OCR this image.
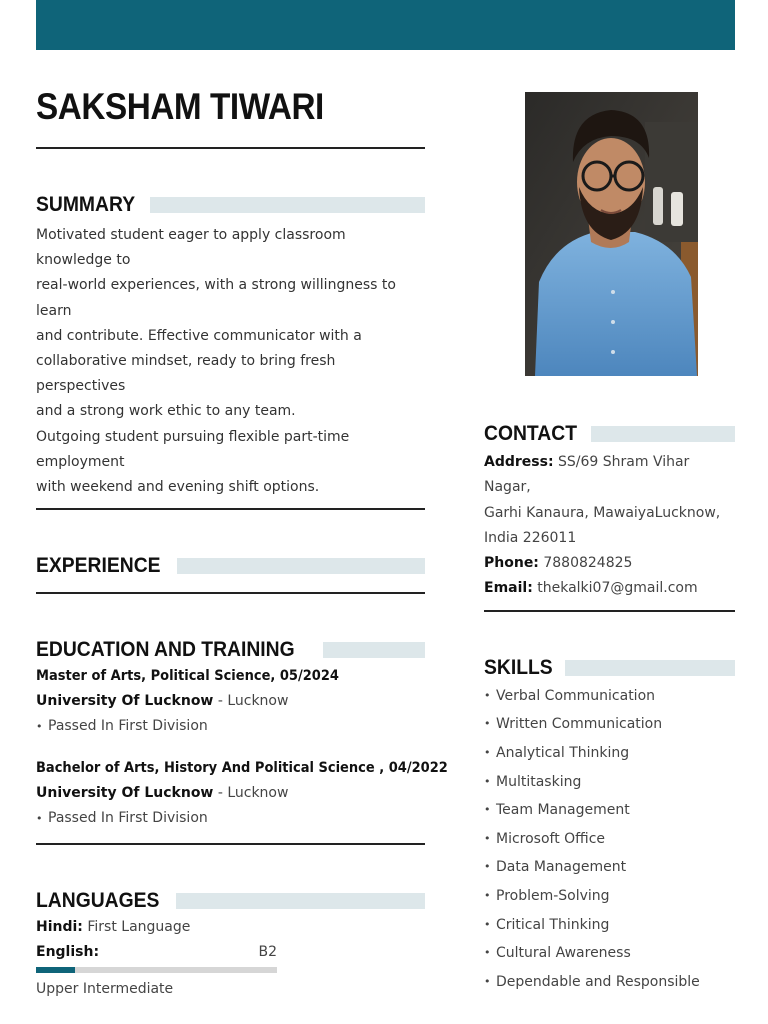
SAKSHAM TIWARI
SUMMARY
Motivated student eager to apply classroom knowledge to
real-world experiences, with a strong willingness to learn
and contribute. Effective communicator with a
collaborative mindset, ready to bring fresh perspectives
and a strong work ethic to any team.
Outgoing student pursuing flexible part-time employment
with weekend and evening shift options.
EXPERIENCE
EDUCATION AND TRAINING
Master of Arts, Political Science, 05/2024
University Of Lucknow - Lucknow
• Passed In First Division
Bachelor of Arts, History And Political Science , 04/2022
University Of Lucknow - Lucknow
• Passed In First Division
LANGUAGES
Hindi: First Language
English:	B2
Upper Intermediate
CONTACT
Address: SS/69 Shram Vihar Nagar,
Garhi Kanaura, MawaiyaLucknow,
India 226011
Phone: 7880824825
Email: thekalki07@gmail.com
SKILLS
• Verbal Communication
• Written Communication
• Analytical Thinking
• Multitasking
• Team Management
• Microsoft Office
• Data Management
• Problem-Solving
• Critical Thinking
• Cultural Awareness
• Dependable and Responsible
